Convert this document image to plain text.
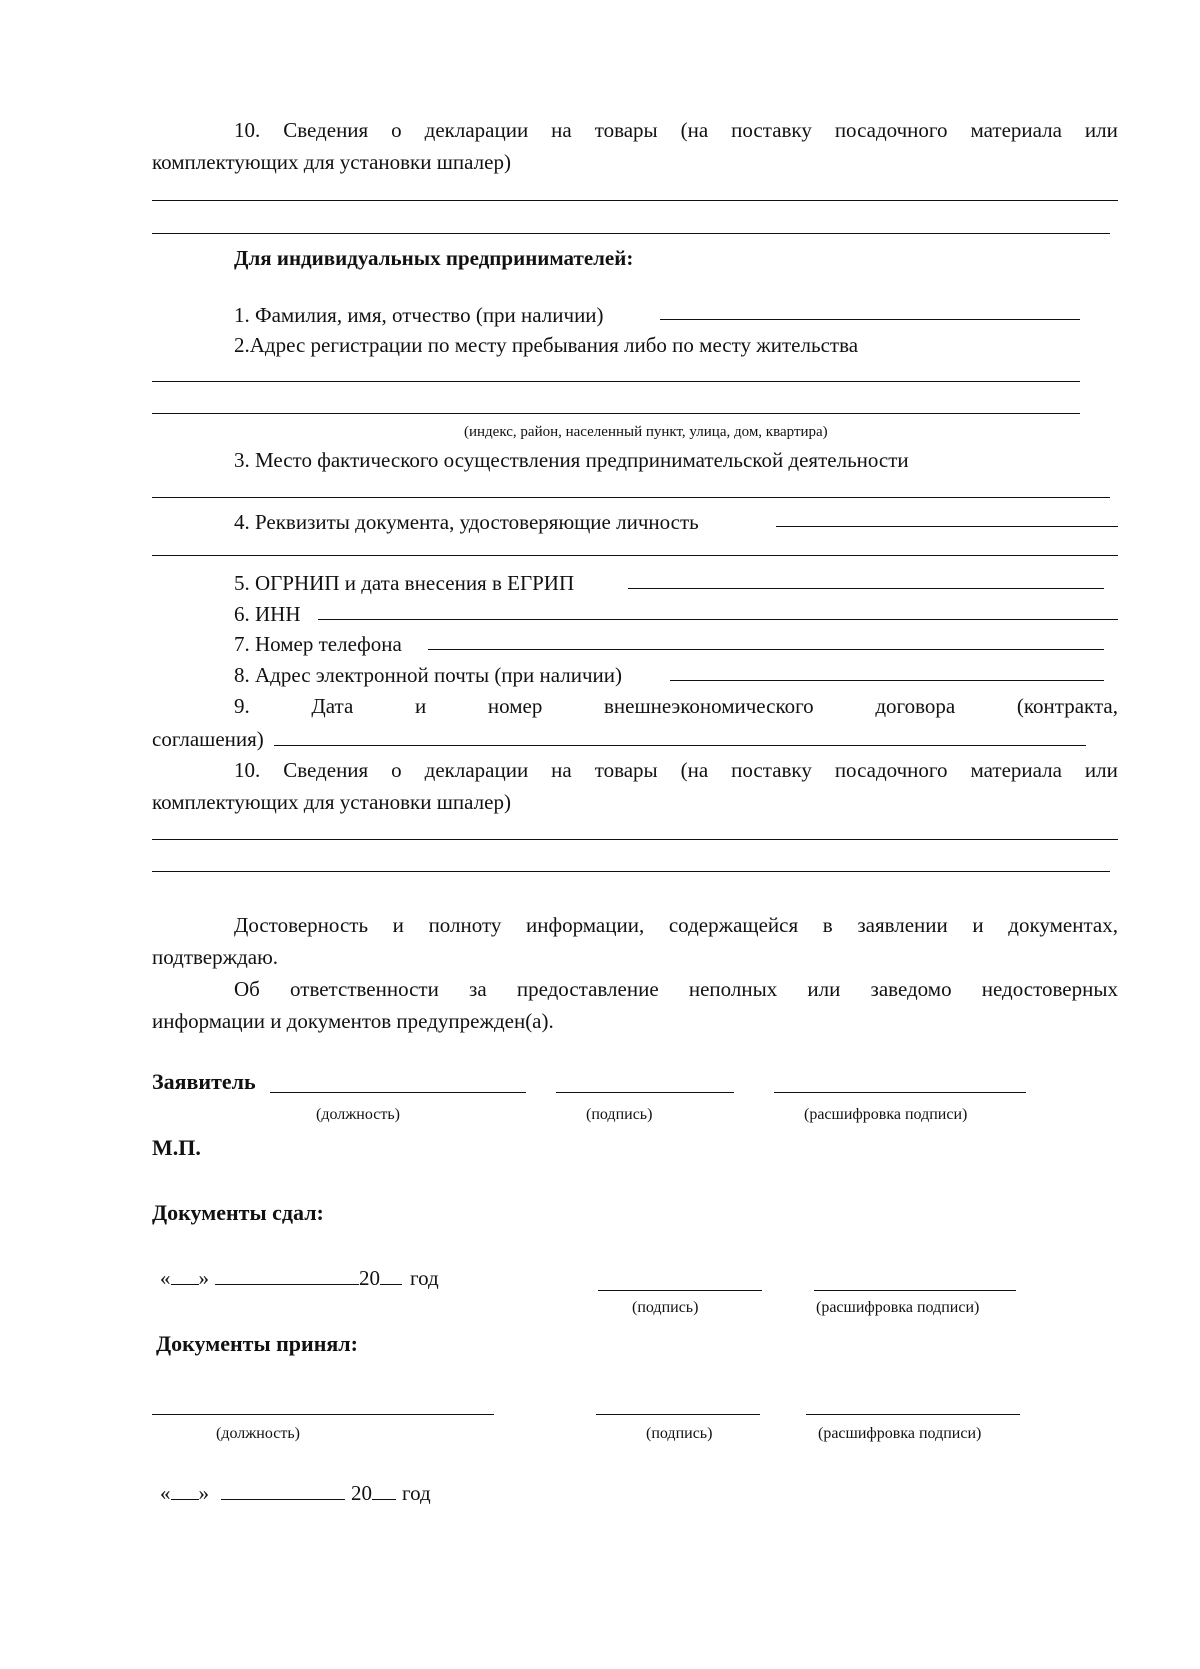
10. Сведения о декларации на товары (на поставку посадочного материала или
комплектующих для установки шпалер)
Для индивидуальных предпринимателей:
1. Фамилия, имя, отчество (при наличии)
2.Адрес регистрации по месту пребывания либо по месту жительства
(индекс, район, населенный пункт, улица, дом, квартира)
3. Место фактического осуществления предпринимательской деятельности
4. Реквизиты документа, удостоверяющие личность
5. ОГРНИП и дата внесения в ЕГРИП
6. ИНН
7. Номер телефона
8. Адрес электронной почты (при наличии)
9.	Дата	и	номер	внешнеэкономического	договора	(контракта,
соглашения)
10. Сведения о декларации на товары (на поставку посадочного материала или
комплектующих для установки шпалер)
Достоверность и полноту информации, содержащейся в заявлении и документах,
подтверждаю.
Об ответственности за предоставление неполных или заведомо недостоверных
информации и документов предупрежден(а).
Заявитель
(должность)	(подпись)	(расшифровка подписи)
М.П.
Документы сдал:
« »	20 год
(подпись)	(расшифровка подписи)
Документы принял:
(должность)	(подпись)	(расшифровка подписи)
« »	20 год
